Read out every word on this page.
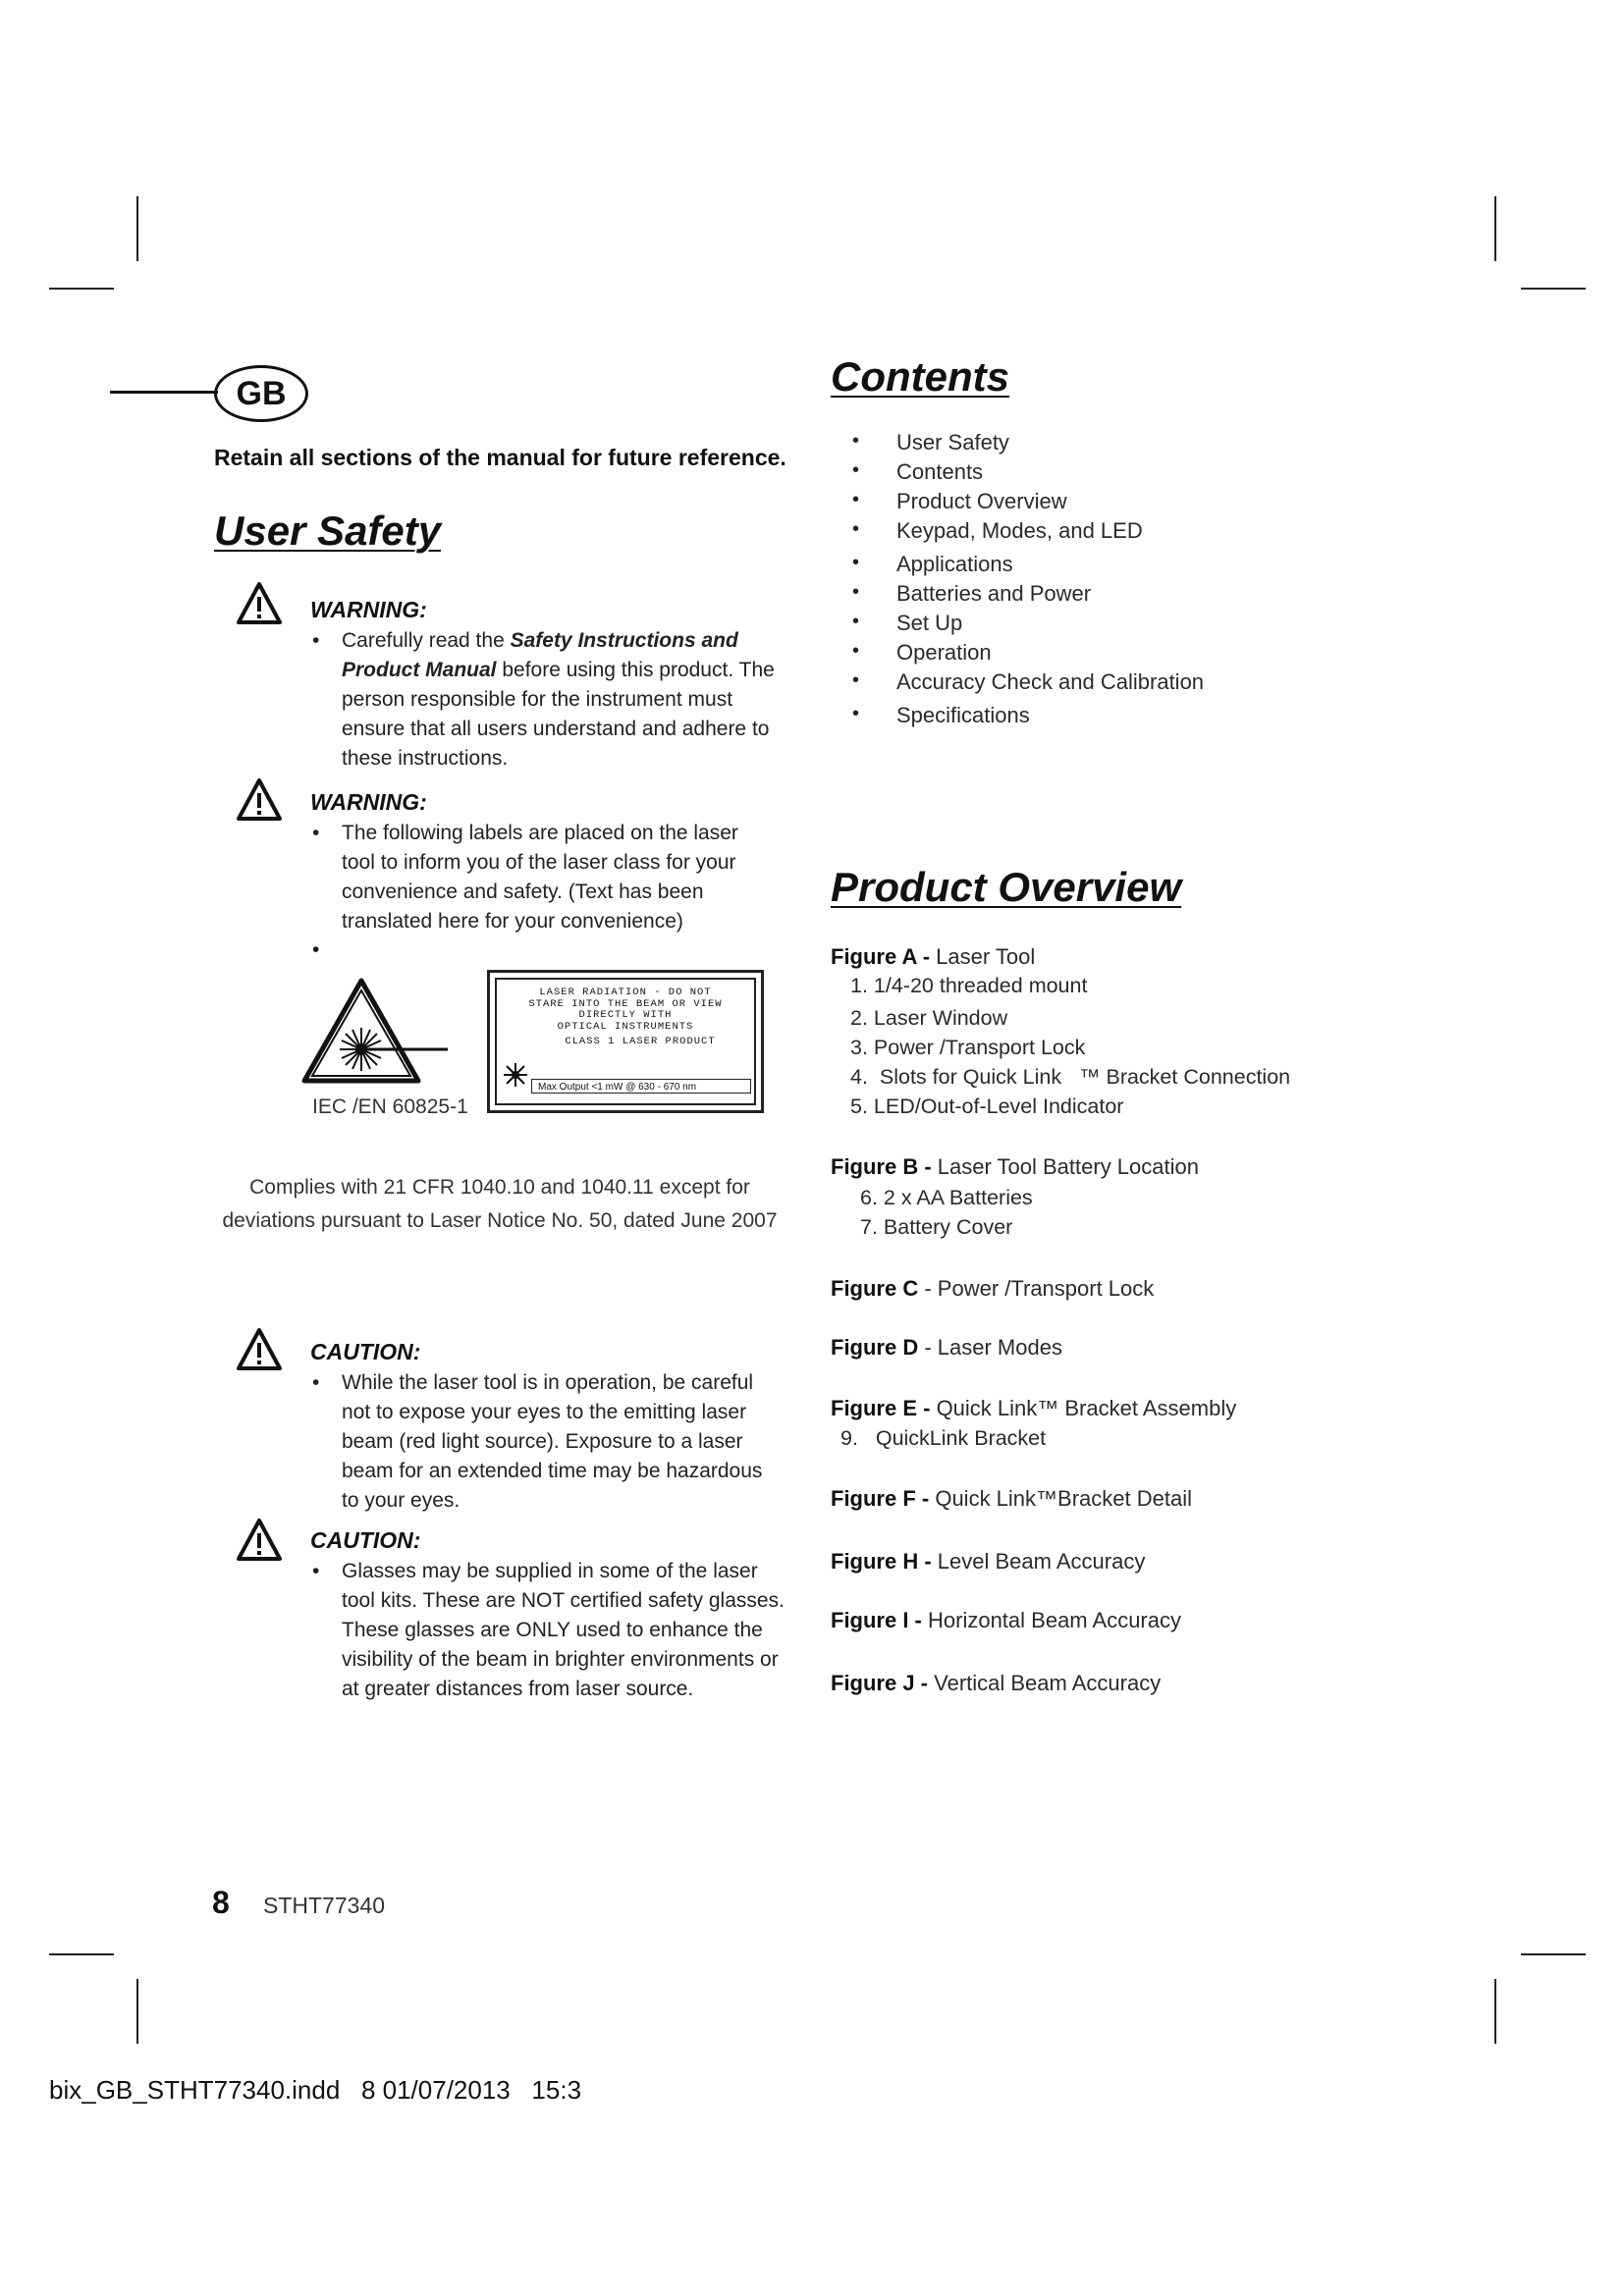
GB
Retain all sections of the manual for future reference.
User Safety
WARNING:
•	Carefully read the Safety Instructions and Product Manual before using this product. The person responsible for the instrument must ensure that all users understand and adhere to these instructions.
WARNING:
•	The following labels are placed on the laser tool to inform you of the laser class for your convenience and safety. (Text has been translated here for your convenience)
•
IEC /EN 60825-1
LASER RADIATION - DO NOT
STARE INTO THE BEAM OR VIEW
DIRECTLY WITH
OPTICAL INSTRUMENTS
CLASS 1 LASER PRODUCT
Max Output <1 mW @ 630 - 670 nm
Complies with 21 CFR 1040.10 and 1040.11 except for
deviations pursuant to Laser Notice No. 50, dated June 2007
CAUTION:
•	While the laser tool is in operation, be careful not to expose your eyes to the emitting laser beam (red light source). Exposure to a laser beam for an extended time may be hazardous to your eyes.
CAUTION:
•	Glasses may be supplied in some of the laser tool kits. These are NOT certified safety glasses. These glasses are ONLY used to enhance the visibility of the beam in brighter environments or at greater distances from laser source.
Contents
• User Safety
• Contents
• Product Overview
• Keypad, Modes, and LED
• Applications
• Batteries and Power
• Set Up
• Operation
• Accuracy Check and Calibration
• Specifications
Product Overview
Figure A - Laser Tool
1. 1/4-20 threaded mount
2. Laser Window
3. Power /Transport Lock
4.  Slots for Quick Link   ™ Bracket Connection
5. LED/Out-of-Level Indicator
Figure B - Laser Tool Battery Location
6. 2 x AA Batteries
7. Battery Cover
Figure C - Power /Transport Lock
Figure D - Laser Modes
Figure E - Quick Link™ Bracket Assembly
9.   QuickLink Bracket
Figure F - Quick Link™Bracket Detail
Figure H - Level Beam Accuracy
Figure I - Horizontal Beam Accuracy
Figure J - Vertical Beam Accuracy
8 STHT77340
bix_GB_STHT77340.indd   8 01/07/2013   15:3
